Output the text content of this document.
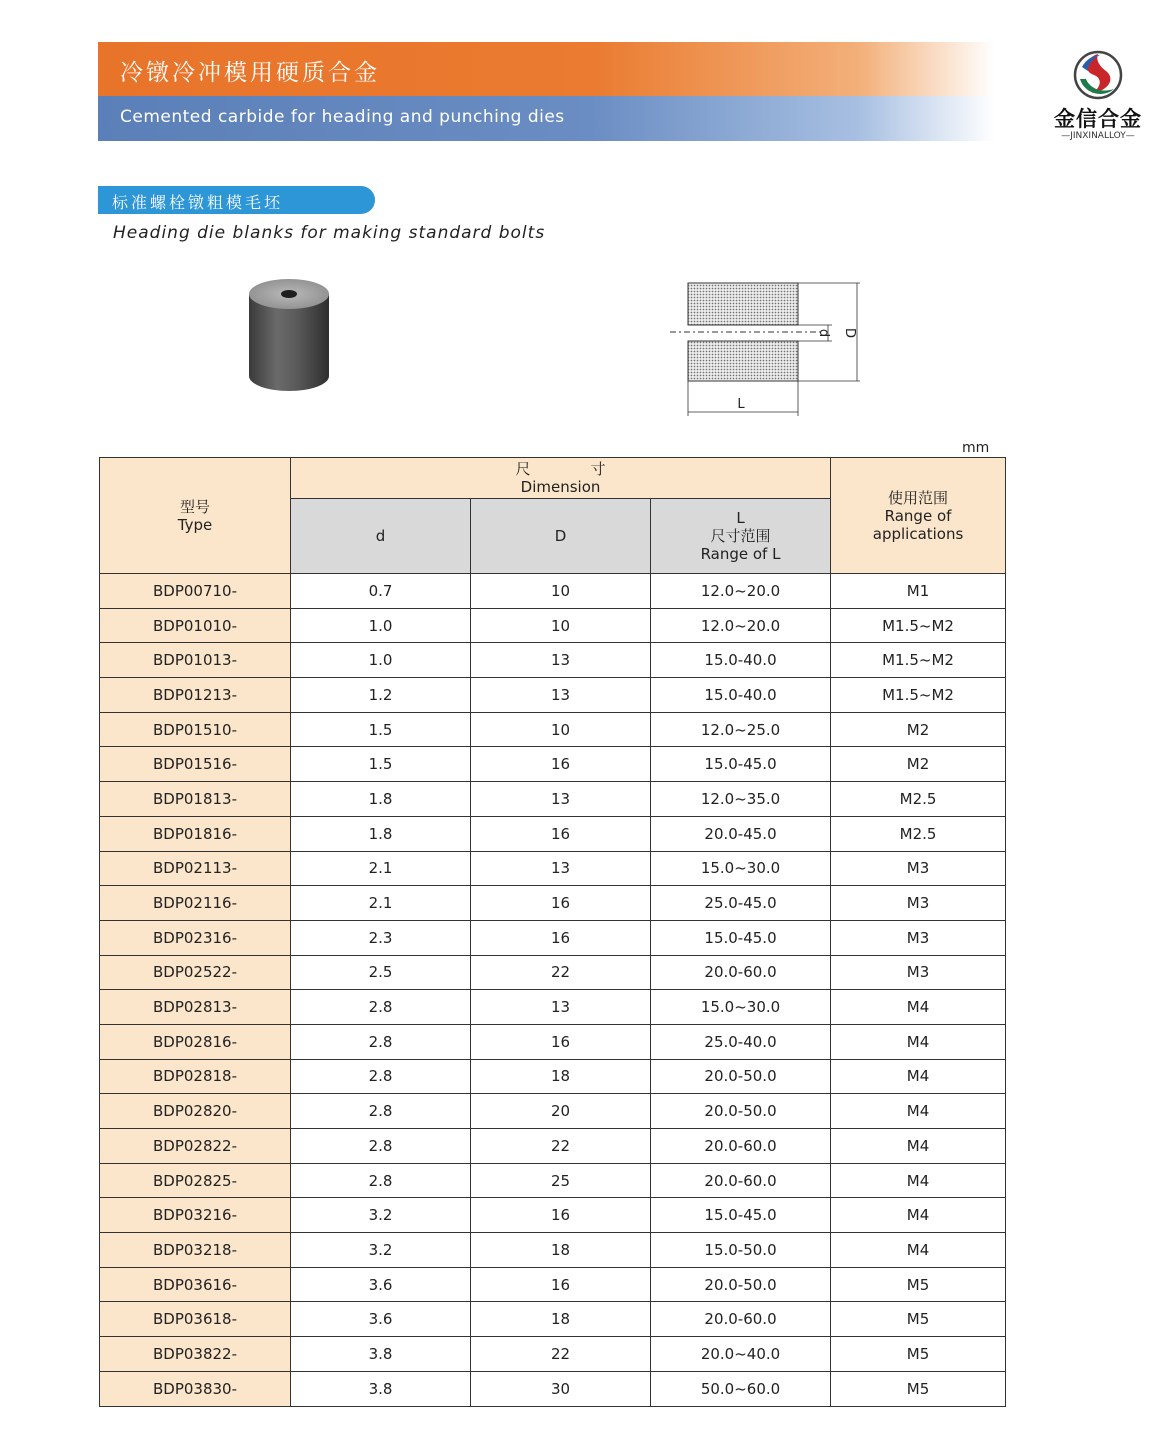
冷镦冷冲模用硬质合金
Cemented carbide for heading and punching dies	金信合金
—JINXINALLOY—
标准螺栓镦粗模毛坯
Heading die blanks for making standard bolts
d D
L
mm
型号
Type	尺　　　　寸
Dimension			使用范围
Range of
applications

	d	D	L
尺寸范围
Range of L	

BDP00710-	0.7	10	12.0~20.0	M1
BDP01010-	1.0	10	12.0~20.0	M1.5~M2
BDP01013-	1.0	13	15.0-40.0	M1.5~M2
BDP01213-	1.2	13	15.0-40.0	M1.5~M2
BDP01510-	1.5	10	12.0~25.0	M2
BDP01516-	1.5	16	15.0-45.0	M2
BDP01813-	1.8	13	12.0~35.0	M2.5
BDP01816-	1.8	16	20.0-45.0	M2.5
BDP02113-	2.1	13	15.0~30.0	M3
BDP02116-	2.1	16	25.0-45.0	M3
BDP02316-	2.3	16	15.0-45.0	M3
BDP02522-	2.5	22	20.0-60.0	M3
BDP02813-	2.8	13	15.0~30.0	M4
BDP02816-	2.8	16	25.0-40.0	M4
BDP02818-	2.8	18	20.0-50.0	M4
BDP02820-	2.8	20	20.0-50.0	M4
BDP02822-	2.8	22	20.0-60.0	M4
BDP02825-	2.8	25	20.0-60.0	M4
BDP03216-	3.2	16	15.0-45.0	M4
BDP03218-	3.2	18	15.0-50.0	M4
BDP03616-	3.6	16	20.0-50.0	M5
BDP03618-	3.6	18	20.0-60.0	M5
BDP03822-	3.8	22	20.0~40.0	M5
BDP03830-	3.8	30	50.0~60.0	M5
